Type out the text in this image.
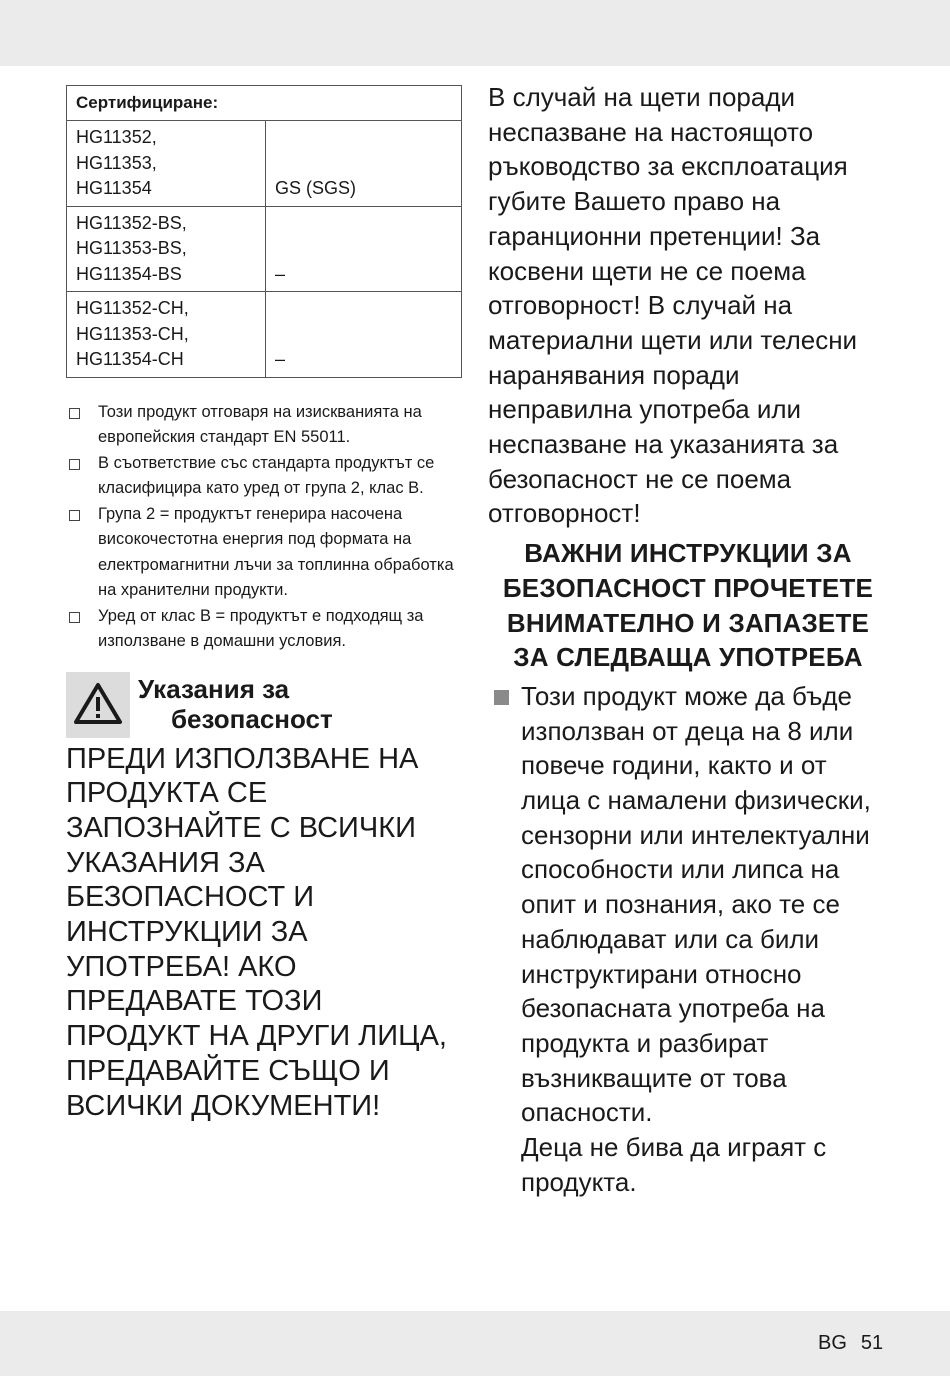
Сертифициране:	

HG11352,
HG11353,
HG11354	GS (SGS)

HG11352-BS,
HG11353-BS,
HG11354-BS	–

HG11352-CH,
HG11353-CH,
HG11354-CH	–
Този продукт отговаря на изискванията на европейския стандарт EN 55011.
В съответствие със стандарта продуктът се класифицира като уред от група 2, клас B.
Група 2 = продуктът генерира насочена високочестотна енергия под формата на електромагнитни лъчи за топлинна обработка на хранителни продукти.
Уред от клас B = продуктът е подходящ за използване в домашни условия.
Указания за
безопасност
ПРЕДИ ИЗПОЛЗВАНЕ НА ПРОДУКТА СЕ ЗАПОЗНАЙТЕ С ВСИЧКИ УКАЗАНИЯ ЗА БЕЗОПАСНОСТ И ИНСТРУКЦИИ ЗА УПОТРЕБА! АКО ПРЕДАВАТЕ ТОЗИ ПРОДУКТ НА ДРУГИ ЛИЦА, ПРЕДАВАЙТЕ СЪЩО И ВСИЧКИ ДОКУМЕНТИ!

В случай на щети поради неспазване на настоящото ръководство за експлоатация губите Вашето право на гаранционни претенции! За косвени щети не се поема отговорност! В случай на материални щети или телесни наранявания поради неправилна употреба или неспазване на указанията за безопасност не се поема отговорност!

ВАЖНИ ИНСТРУКЦИИ ЗА БЕЗОПАСНОСТ ПРОЧЕТЕТЕ ВНИМАТЕЛНО И ЗАПАЗЕТЕ ЗА СЛЕДВАЩА УПОТРЕБА

Този продукт може да бъде използван от деца на 8 или повече години, както и от лица с намалени физически, сензорни или интелектуални способности или липса на опит и познания, ако те се наблюдават или са били инструктирани относно безопасната употреба на продукта и разбират възникващите от това опасности.

Деца не бива да играят с продукта.

BG 51
